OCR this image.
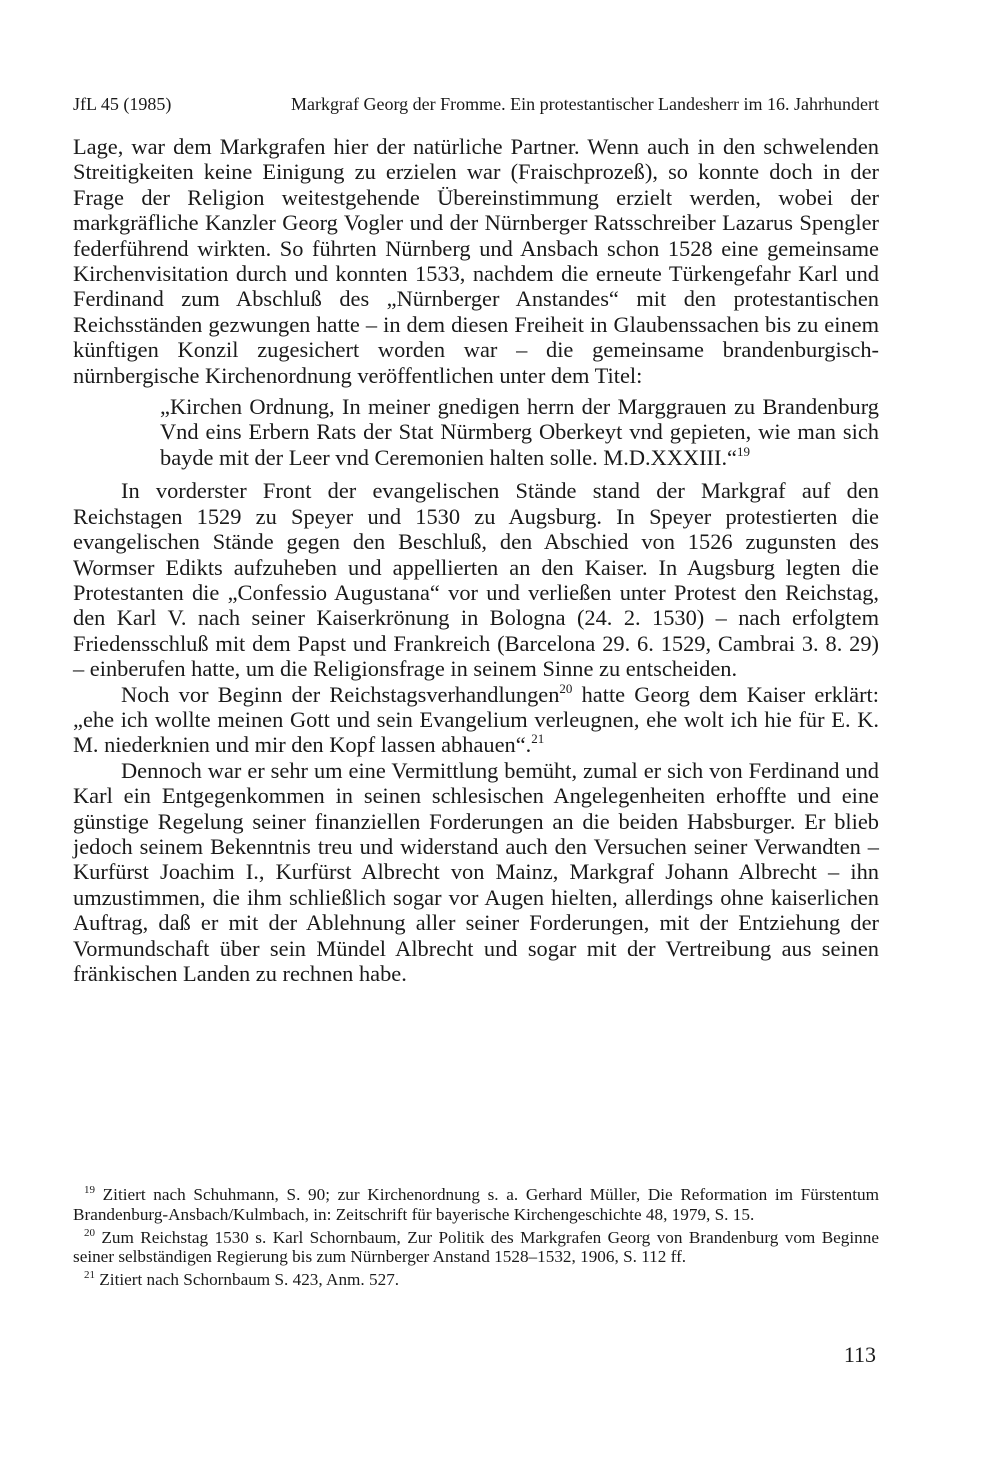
JfL 45 (1985)	Markgraf Georg der Fromme. Ein protestantischer Landesherr im 16. Jahrhundert

Lage, war dem Markgrafen hier der natürliche Partner. Wenn auch in den schwelenden Streitigkeiten keine Einigung zu erzielen war (Fraischprozeß), so konnte doch in der Frage der Religion weitestgehende Übereinstimmung erzielt werden, wobei der markgräfliche Kanzler Georg Vogler und der Nürnberger Ratsschreiber Lazarus Spengler federführend wirkten. So führten Nürnberg und Ansbach schon 1528 eine gemeinsame Kirchenvisitation durch und konnten 1533, nachdem die erneute Türkengefahr Karl und Ferdinand zum Abschluß des „Nürnberger Anstandes“ mit den protestantischen Reichsständen gezwungen hatte – in dem diesen Freiheit in Glaubenssachen bis zu einem künftigen Konzil zugesichert worden war – die gemeinsame brandenburgisch-nürnbergische Kirchenordnung veröffentlichen unter dem Titel:

„Kirchen Ordnung, In meiner gnedigen herrn der Marggrauen zu Brandenburg Vnd eins Erbern Rats der Stat Nürmberg Oberkeyt vnd gepieten, wie man sich bayde mit der Leer vnd Ceremonien halten solle. M.D.XXXIII.“$^{19}$

In vorderster Front der evangelischen Stände stand der Markgraf auf den Reichstagen 1529 zu Speyer und 1530 zu Augsburg. In Speyer protestierten die evangelischen Stände gegen den Beschluß, den Abschied von 1526 zugunsten des Wormser Edikts aufzuheben und appellierten an den Kaiser. In Augsburg legten die Protestanten die „Confessio Augustana“ vor und verließen unter Protest den Reichstag, den Karl V. nach seiner Kaiserkrönung in Bologna (24. 2. 1530) – nach erfolgtem Friedensschluß mit dem Papst und Frankreich (Barcelona 29. 6. 1529, Cambrai 3. 8. 29) – einberufen hatte, um die Religionsfrage in seinem Sinne zu entscheiden.

Noch vor Beginn der Reichstagsverhandlungen$^{20}$ hatte Georg dem Kaiser erklärt: „ehe ich wollte meinen Gott und sein Evangelium verleugnen, ehe wolt ich hie für E. K. M. niederknien und mir den Kopf lassen abhauen“.$^{21}$

Dennoch war er sehr um eine Vermittlung bemüht, zumal er sich von Ferdinand und Karl ein Entgegenkommen in seinen schlesischen Angelegenheiten erhoffte und eine günstige Regelung seiner finanziellen Forderungen an die beiden Habsburger. Er blieb jedoch seinem Bekenntnis treu und widerstand auch den Versuchen seiner Verwandten – Kurfürst Joachim I., Kurfürst Albrecht von Mainz, Markgraf Johann Albrecht – ihn umzustimmen, die ihm schließlich sogar vor Augen hielten, allerdings ohne kaiserlichen Auftrag, daß er mit der Ablehnung aller seiner Forderungen, mit der Entziehung der Vormundschaft über sein Mündel Albrecht und sogar mit der Vertreibung aus seinen fränkischen Landen zu rechnen habe.

$^{19}$ Zitiert nach Schuhmann, S. 90; zur Kirchenordnung s. a. Gerhard Müller, Die Reformation im Fürstentum Brandenburg-Ansbach/Kulmbach, in: Zeitschrift für bayerische Kirchengeschichte 48, 1979, S. 15.

$^{20}$ Zum Reichstag 1530 s. Karl Schornbaum, Zur Politik des Markgrafen Georg von Brandenburg vom Beginne seiner selbständigen Regierung bis zum Nürnberger Anstand 1528–1532, 1906, S. 112 ff.

$^{21}$ Zitiert nach Schornbaum S. 423, Anm. 527.

113
